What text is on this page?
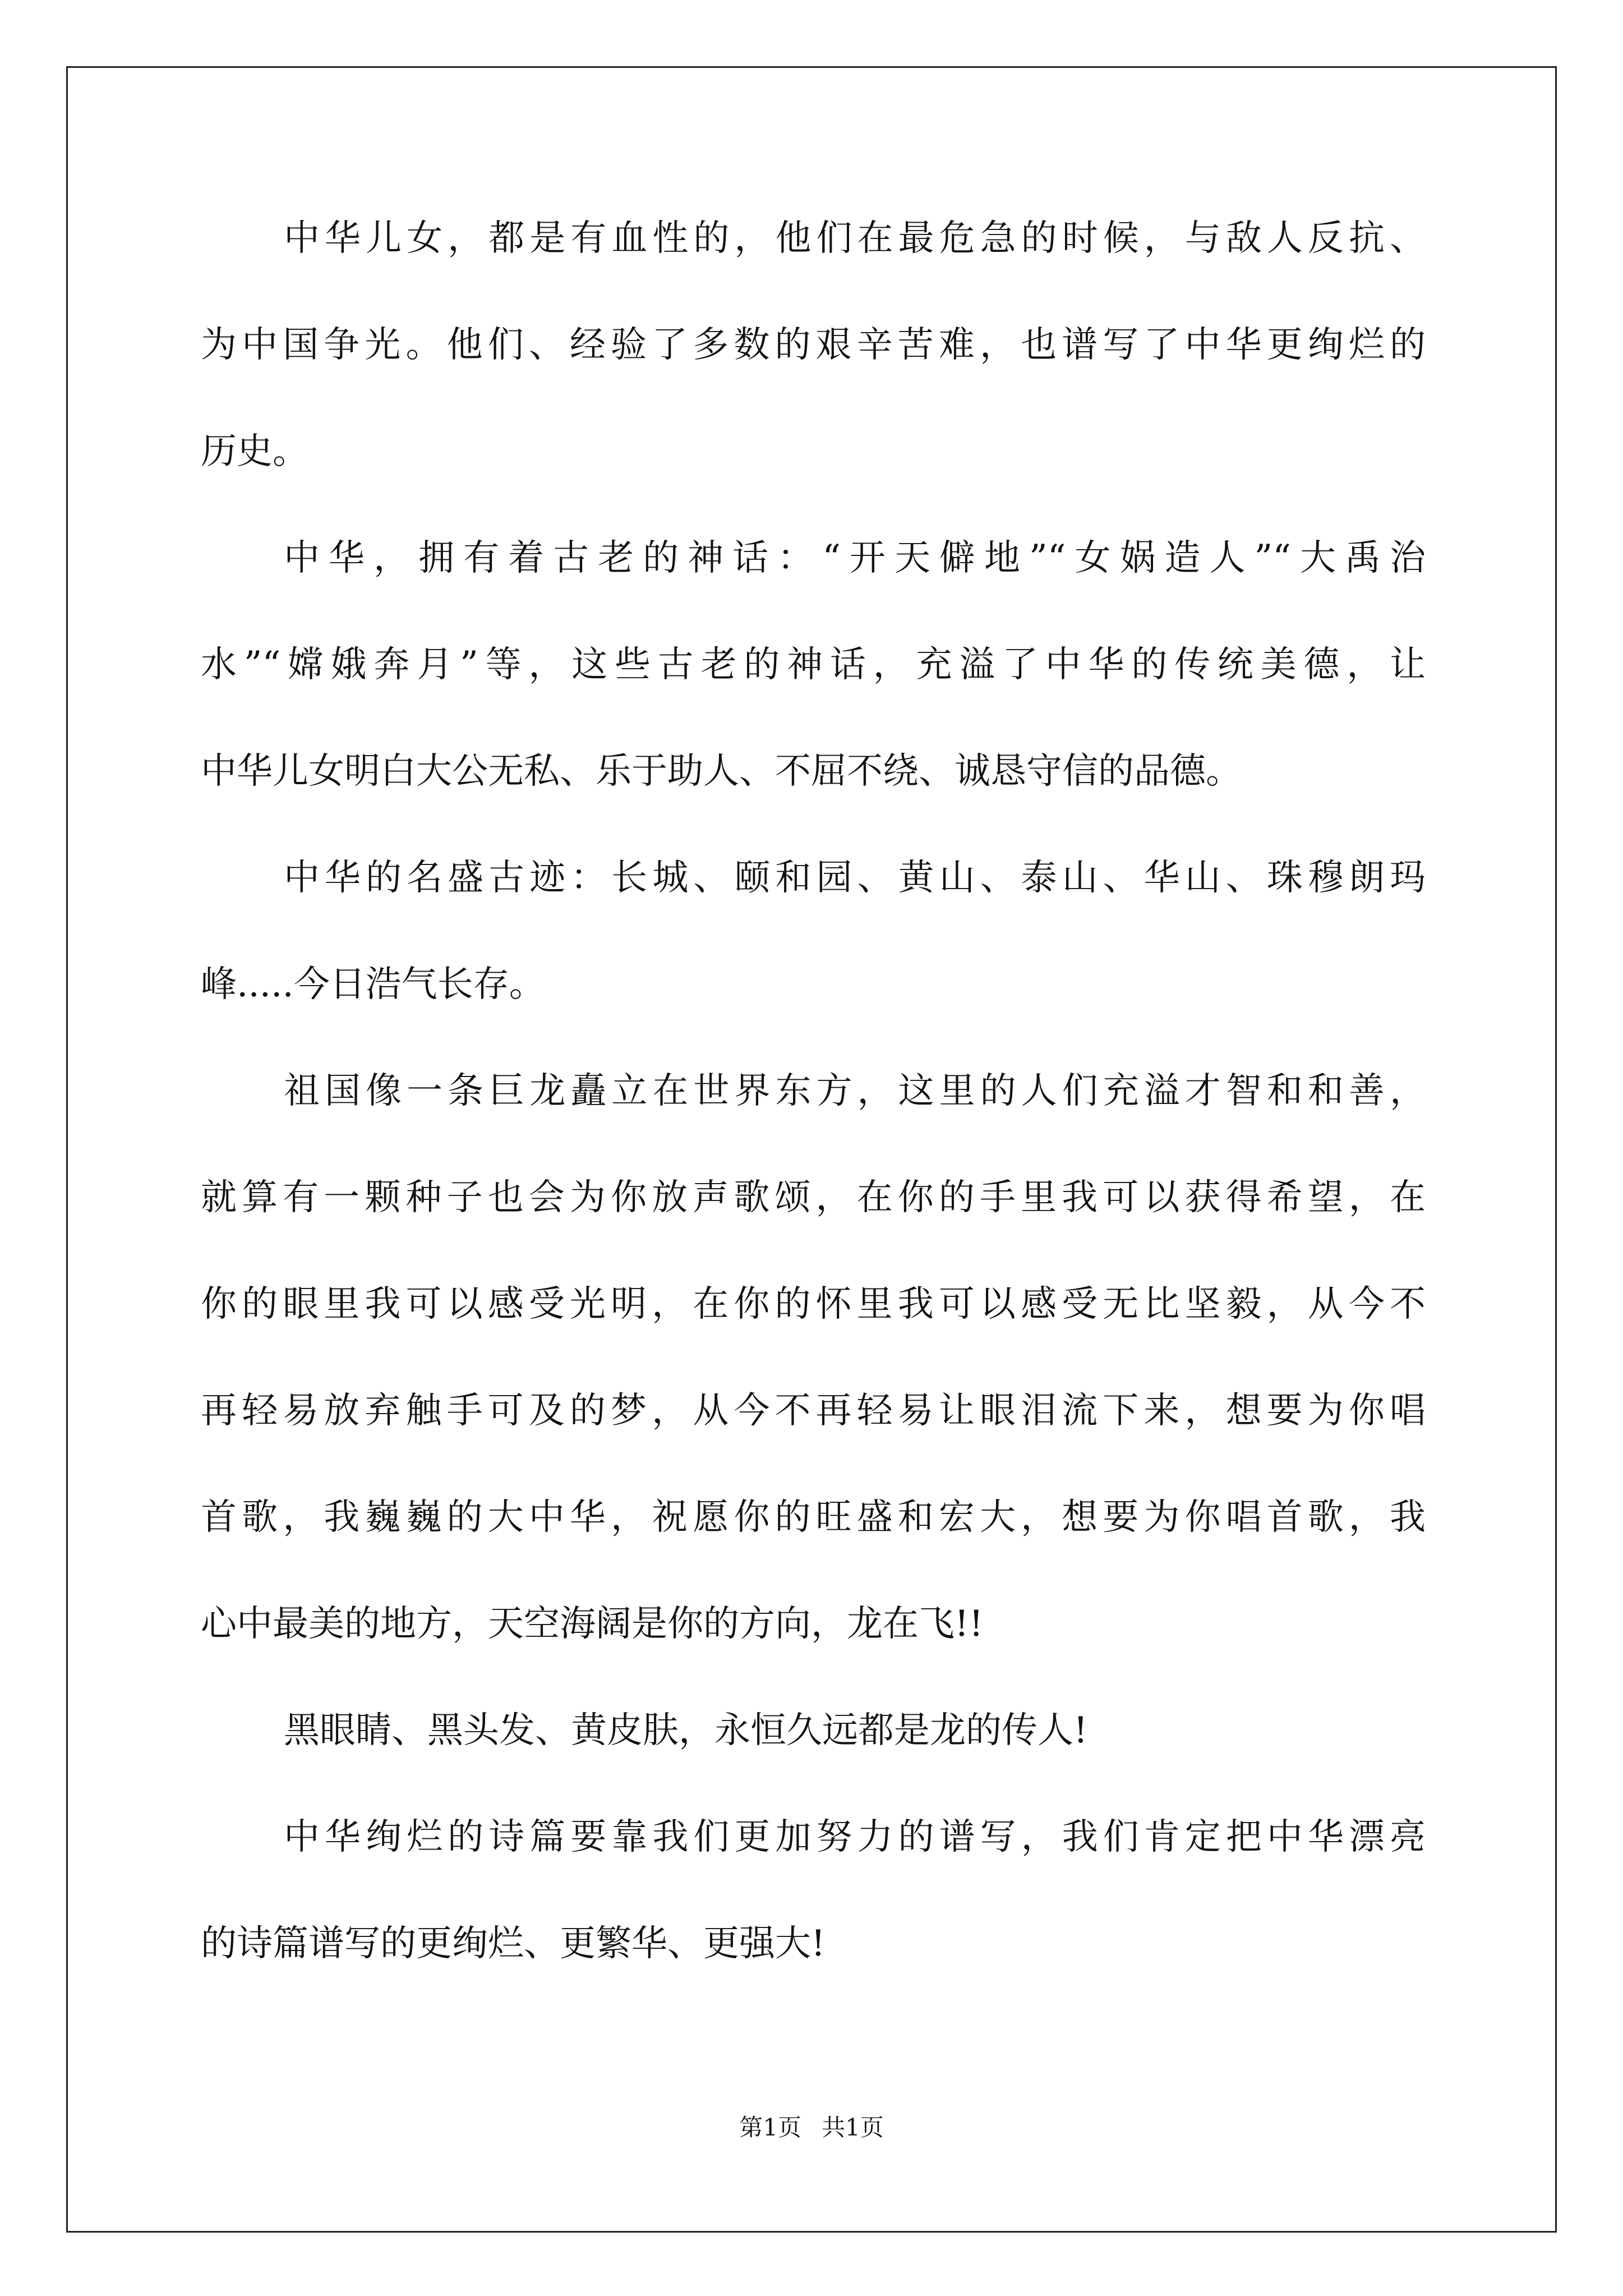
中华儿女，都是有血性的，他们在最危急的时候，与敌人反抗、
为中国争光。他们、经验了多数的艰辛苦难，也谱写了中华更绚烂的
历史。
中华，拥有着古老的神话：“开天僻地”“女娲造人”“大禹治
水”“嫦娥奔月”等，这些古老的神话，充溢了中华的传统美德，让
中华儿女明白大公无私、乐于助人、不屈不绕、诚恳守信的品德。
中华的名盛古迹：长城、颐和园、黄山、泰山、华山、珠穆朗玛
峰.....今日浩气长存。
祖国像一条巨龙矗立在世界东方，这里的人们充溢才智和和善，
就算有一颗种子也会为你放声歌颂，在你的手里我可以获得希望，在
你的眼里我可以感受光明，在你的怀里我可以感受无比坚毅，从今不
再轻易放弃触手可及的梦，从今不再轻易让眼泪流下来，想要为你唱
首歌，我巍巍的大中华，祝愿你的旺盛和宏大，想要为你唱首歌，我
心中最美的地方，天空海阔是你的方向，龙在飞!!
黑眼睛、黑头发、黄皮肤，永恒久远都是龙的传人!
中华绚烂的诗篇要靠我们更加努力的谱写，我们肯定把中华漂亮
的诗篇谱写的更绚烂、更繁华、更强大!
第1页 共1页
